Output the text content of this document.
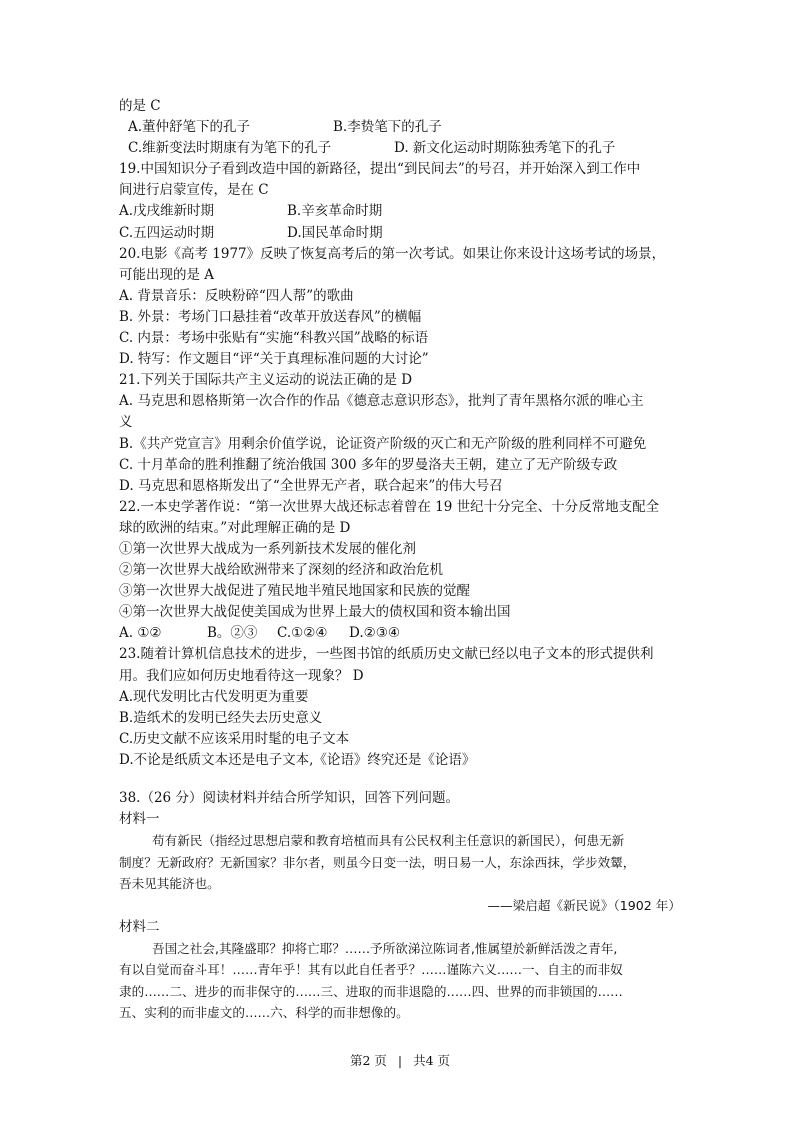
的是 C
A.董仲舒笔下的孔子	B.李贽笔下的孔子
C.维新变法时期康有为笔下的孔子	D. 新文化运动时期陈独秀笔下的孔子
19.中国知识分子看到改造中国的新路径，提出“到民间去”的号召，并开始深入到工作中
间进行启蒙宣传，是在 C
A.戊戌维新时期	B.辛亥革命时期
C.五四运动时期	D.国民革命时期
20.电影《高考 1977》反映了恢复高考后的第一次考试。如果让你来设计这场考试的场景，
可能出现的是 A
A. 背景音乐：反映粉碎“四人帮”的歌曲
B. 外景：考场门口悬挂着“改革开放送春风”的横幅
C. 内景：考场中张贴有“实施“科教兴国”战略的标语
D. 特写：作文题目“评“关于真理标准问题的大讨论”
21.下列关于国际共产主义运动的说法正确的是 D
A. 马克思和恩格斯第一次合作的作品《德意志意识形态》，批判了青年黑格尔派的唯心主
义
B.《共产党宣言》用剩余价值学说，论证资产阶级的灭亡和无产阶级的胜利同样不可避免
C. 十月革命的胜利推翻了统治俄国 300 多年的罗曼洛夫王朝，建立了无产阶级专政
D. 马克思和恩格斯发出了“全世界无产者，联合起来”的伟大号召
22.一本史学著作说：“第一次世界大战还标志着曾在 19 世纪十分完全、十分反常地支配全
球的欧洲的结束。”对此理解正确的是 D
①第一次世界大战成为一系列新技术发展的催化剂
②第一次世界大战给欧洲带来了深刻的经济和政治危机
③第一次世界大战促进了殖民地半殖民地国家和民族的觉醒
④第一次世界大战促使美国成为世界上最大的债权国和资本输出国
A. ①②	B。②③	C.①②④	D.②③④
23.随着计算机信息技术的进步，一些图书馆的纸质历史文献已经以电子文本的形式提供利
用。我们应如何历史地看待这一现象？ D
A.现代发明比古代发明更为重要
B.造纸术的发明已经失去历史意义
C.历史文献不应该采用时髦的电子文本
D.不论是纸质文本还是电子文本,《论语》终究还是《论语》
38.（26 分）阅读材料并结合所学知识，回答下列问题。
材料一
苟有新民（指经过思想启蒙和教育培植而具有公民权利主任意识的新国民），何患无新
制度？无新政府？无新国家？非尔者，则虽今日变一法，明日易一人，东涂西抹，学步效颦，
吾未见其能济也。
——梁启超《新民说》（1902 年）
材料二
吾国之社会,其隆盛耶？抑将亡耶？……予所欲涕泣陈词者,惟属望於新鲜活泼之青年,
有以自觉而奋斗耳！……青年乎！其有以此自任者乎？……谨陈六义……一、自主的而非奴
隶的……二、进步的而非保守的……三、进取的而非退隐的……四、世界的而非锁国的……
五、实利的而非虚文的……六、科学的而非想像的。
第2 页 | 共4 页
